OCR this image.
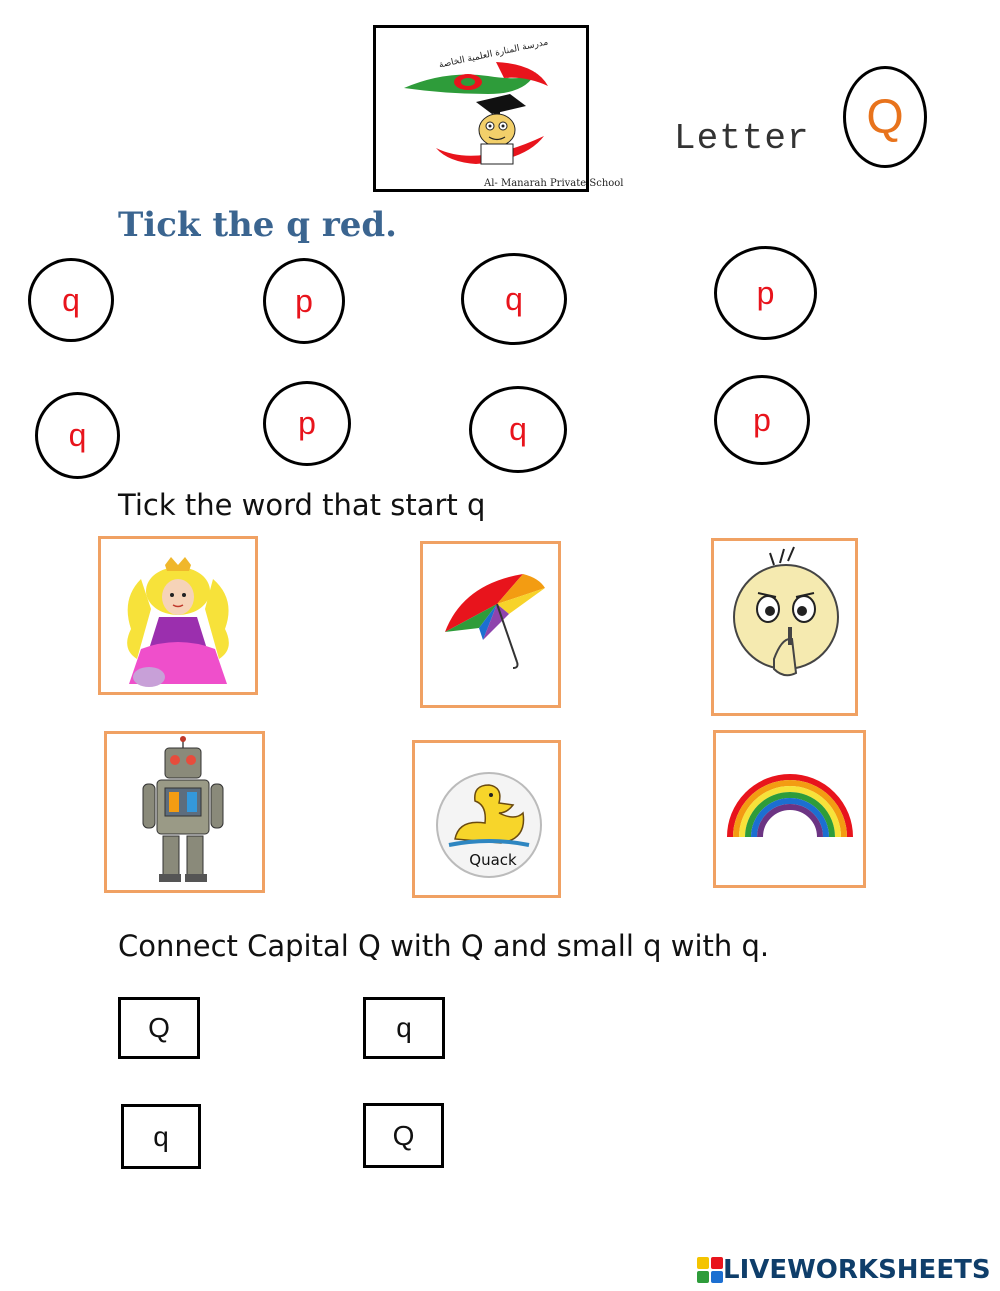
مدرسة المنارة العلمية الخاصة
Al- Manarah Private School
Letter Q
Tick the q red.
q	p	q	p
q	p	q	p
Tick the word that start q
Quack
Connect Capital Q with Q and small q with q.
Q	q
q	Q
LIVEWORKSHEETS
